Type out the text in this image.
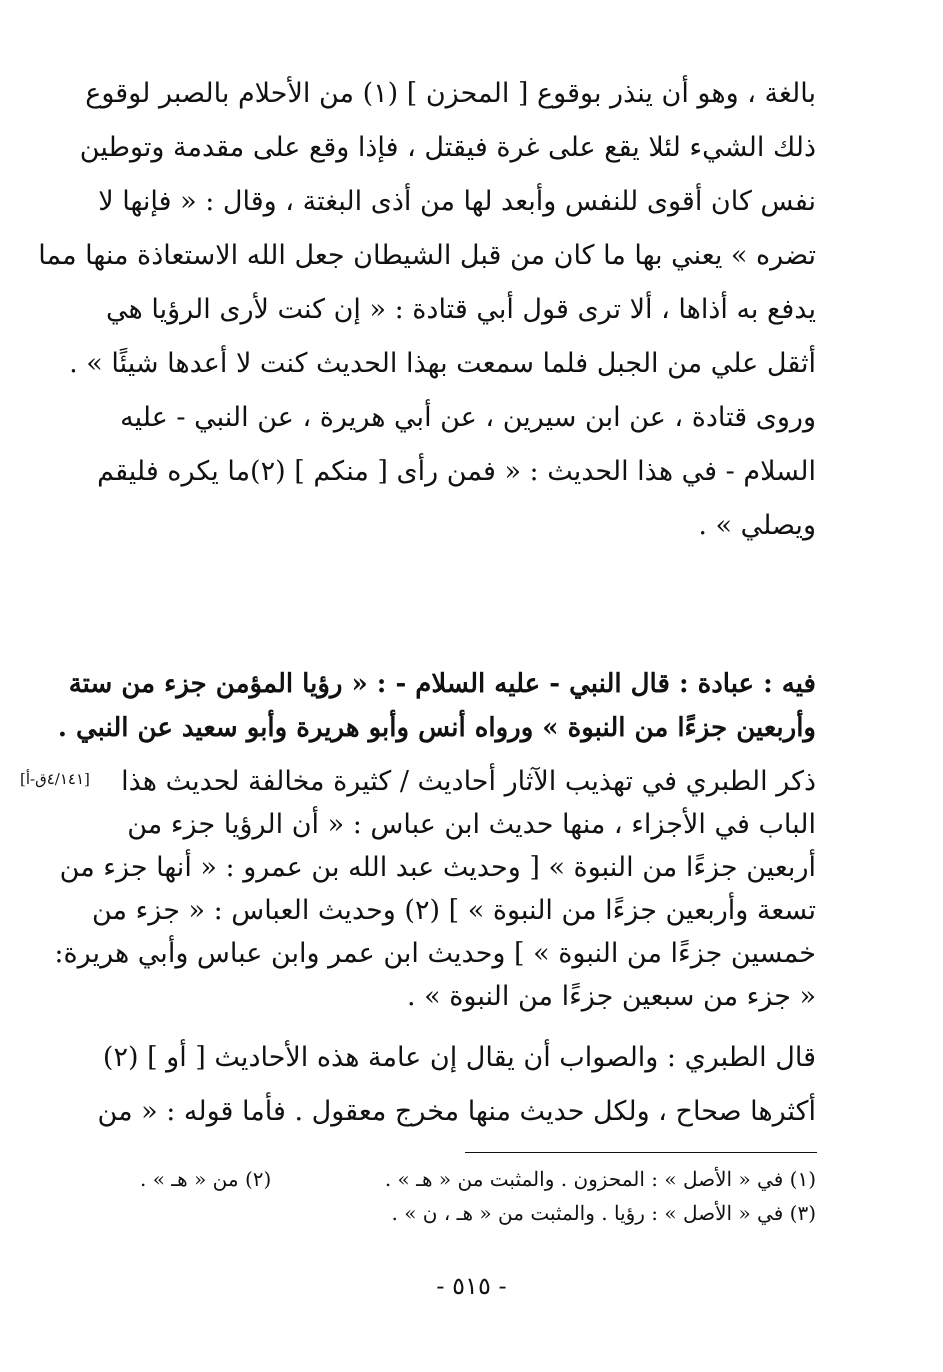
بالغة ، وهو أن ينذر بوقوع [ المحزن ] (١) من الأحلام بالصبر لوقوع
ذلك الشيء لئلا يقع على غرة فيقتل ، فإذا وقع على مقدمة وتوطين
نفس كان أقوى للنفس وأبعد لها من أذى البغتة ، وقال : « فإنها لا
تضره » يعني بها ما كان من قبل الشيطان جعل الله الاستعاذة منها مما
يدفع به أذاها ، ألا ترى قول أبي قتادة : « إن كنت لأرى الرؤيا هي
أثقل علي من الجبل فلما سمعت بهذا الحديث كنت لا أعدها شيئًا » .
وروى قتادة ، عن ابن سيرين ، عن أبي هريرة ، عن النبي - عليه
السلام - في هذا الحديث : « فمن رأى [ منكم ] (٢)ما يكره فليقم
ويصلي » .

فيه : عبادة : قال النبي - عليه السلام - : « رؤيا المؤمن جزء من ستة
وأربعين جزءًا من النبوة » ورواه أنس وأبو هريرة وأبو سعيد عن النبي .
[٤/١٤١ق-أ] ذكر الطبري في تهذيب الآثار أحاديث / كثيرة مخالفة لحديث هذا
الباب في الأجزاء ، منها حديث ابن عباس : « أن الرؤيا جزء من
أربعين جزءًا من النبوة » [ وحديث عبد الله بن عمرو : « أنها جزء من
تسعة وأربعين جزءًا من النبوة » ] (٢) وحديث العباس : « جزء من
خمسين جزءًا من النبوة » ] وحديث ابن عمر وابن عباس وأبي هريرة:
« جزء من سبعين جزءًا من النبوة » .
قال الطبري : والصواب أن يقال إن عامة هذه الأحاديث [ أو ] (٢)
أكثرها صحاح ، ولكل حديث منها مخرج معقول . فأما قوله : « من
(١) في « الأصل » : المحزون . والمثبت من « هـ » .
(٢) من « هـ » .
(٣) في « الأصل » : رؤيا . والمثبت من « هـ ، ن » .
- ٥١٥ -
